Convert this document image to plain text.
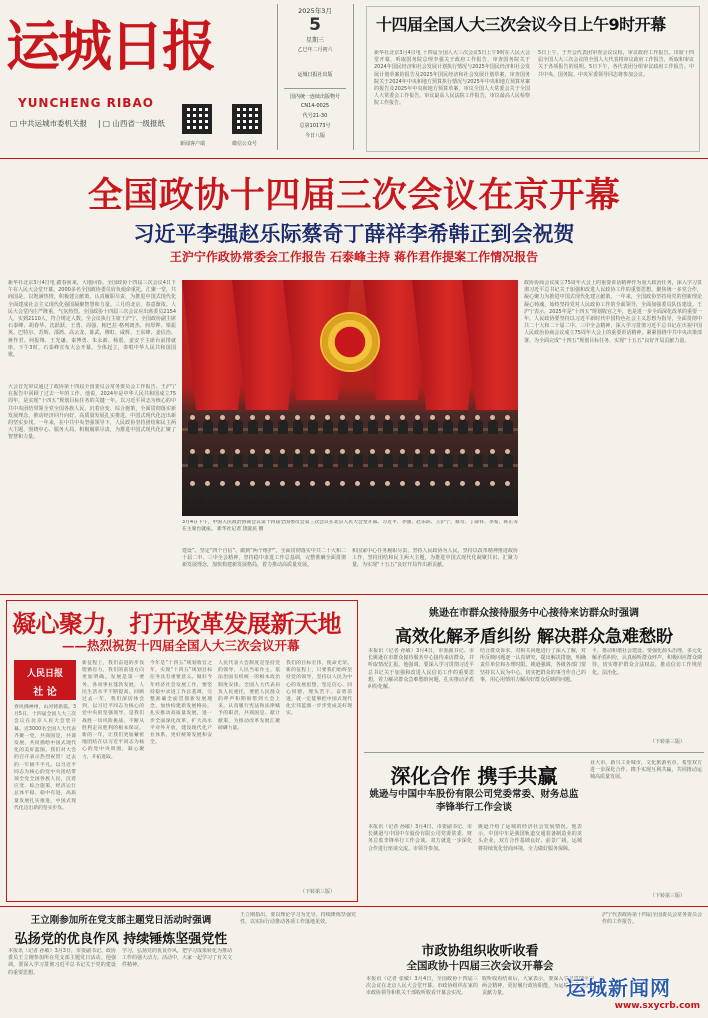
运城日报
YUNCHENG RIBAO
□ 中共运城市委机关报 | □ 山西省一级报纸
新闻客户端	微信公众号
2025年3月
5
星期三
乙巳年二月初六
运城日报社出版
国内统一连续出版物号
CN14-0025
代号21-30
总第10173号
今日八版
十四届全国人大三次会议今日上午9时开幕
新华社北京3月4日电 十四届全国人大三次会议5日上午9时在人民大会堂开幕，听取国务院总理李强关于政府工作报告，审查国务院关于2024年国民经济和社会发展计划执行情况与2025年国民经济和社会发展计划草案的报告及2025年国民经济和社会发展计划草案，审查国务院关于2024年中央和地方预算执行情况与2025年中央和地方预算草案的报告及2025年中央和地方预算草案，审议全国人大常委会关于全国人大常委会工作报告，审议最高人民法院工作报告，审议最高人民检察院工作报告。
5日上午，于开会代表团审查会议议程，审议政府工作报告。出席十四届全国人大三次会议的全国人大代表将审议政府工作报告，听取和审议关于各项报告的说明。5日下午，各代表团分组审议政府工作报告。中共中央、国务院、中央军委领导同志将参加会议。
全国政协十四届三次会议在京开幕
习近平李强赵乐际蔡奇丁薛祥李希韩正到会祝贺
王沪宁作政协常委会工作报告 石泰峰主持 蒋作君作提案工作情况报告
新华社北京3月4日电 踏春而来，大地回春。全国政协十四届三次会议4日下午在人民大会堂开幕。2000多名全国政协委员肩负使命重托，汇聚一堂，共商国是，以饱满热情，积极建言献策，认真履职尽责，为推进中国式现代化全面建成社会主义现代化强国凝聚智慧和力量。三月的北京，春意渐浓。人民大会堂内庄严隆重，气氛热烈。全国政协十四届三次会议应出席委员2154人，实到2110人，符合规定人数。全会议执行主席王沪宁、全国政协副主席石泰峰、胡春华、沈跃跃、王勇、周强、帕巴拉·格列朗杰、何厚铧、梁振英、巴特尔、苏辉、邵鸿、高云龙、陈武、穆虹、咸辉、王东峰、姜信治、蒋作君、何报翔、王光谦、秦博勇、朱永新、杨震、姜安于主席台前排就座。下午3时，石泰峰宣布大会开幕。全体起立，奏唱中华人民共和国国歌。
大会首先审议通过了政协第十四届全国委员会常务委员会工作报告。王沪宁在报告中回顾了过去一年的工作。他说，2024年是中华人民共和国成立75周年，是实现“十四五”规划目标任务的关键一年。以习近平同志为核心的中共中央团结带领全党全国各族人民，沉着应变、综合施策，全面贯彻落实新发展理念，推动经济回升向好，高质量发展扎实推进，中国式现代化迈出新的坚实步伐。一年来，在中共中央坚强领导下，人民政协坚持团结和民主两大主题，围绕中心、服务大局，积极履职尽责，为推进中国式现代化汇聚了智慧和力量。
政协协商会议成立75周年大会上的重要讲话精神作为重大政治任务，深入学习贯彻习近平总书记关于加强和改进人民政协工作的重要思想，聚焦统一多党合作，凝心聚力为推进中国式现代化建言献策。一年来，全国政协坚持用党的创新理论凝心铸魂，始终坚持党对人民政协工作的全面领导，全面加强委员队伍建设。王沪宁表示，2025年是“十四五”规划收官之年，也是进一步全面深化改革的重要一年。人民政协要坚持以习近平新时代中国特色社会主义思想为指导，全面贯彻中共二十大和二十届二中、三中全会精神，深入学习贯彻习近平总书记在庆祝中国人民政治协商会议成立75周年大会上的重要讲话精神，紧紧围绕中共中央决策部署，为全面完成“十四五”规划目标任务、实现“十五五”良好开局贡献力量。
3月4日下午，中国人民政治协商会议第十四届全国委员会第三次会议在北京人民大会堂开幕。习近平、李强、赵乐际、王沪宁、蔡奇、丁薛祥、李希、韩正等在主席台就座。 新华社记者 饶爱民 摄
建设”、坚定“四个自信”、做到“两个维护”，全面贯彻落实中共二十大和二十届二中、三中全会精神，坚持稳中求进工作总基调，完整准确全面贯彻新发展理念，加快构建新发展格局，着力推动高质量发展。
和国家中心任务履职尽责，坚持人民政协为人民，坚持以改革精神推进政协工作，坚持团结和民主两大主题，为推进中国式现代化凝聚共识、汇聚力量，为实现“十五五”良好开局作出新贡献。
凝心聚力，打开改革发展新天地
——热烈祝贺十四届全国人大三次会议开幕
人民日报
社 论
春风拂神州，山河铸新篇。3月5日，十四届全国人大三次会议在北京人民大会堂开幕。近3000名全国人大代表齐聚一堂，共商国是，共谋发展，共同描绘中国式现代化的美好蓝图。我们对大会的召开表示热烈祝贺！过去的一年极不平凡。以习近平同志为核心的党中央团结带领全党全国各族人民，沉着应变、综合施策，经济运行总体平稳、稳中有进，高质量发展扎实推进，中国式现代化迈出新的坚实步伐。
新征程上，我们奋进的步伐铿锵有力，我们的前进方向更加明确。发展是第一要务，各项事业蓬勃发展，人民生活水平不断提高。回顾过去一年，我们深切体会到，以习近平同志为核心的党中央的坚强领导，是我们战胜一切风险挑战、不断从胜利走向胜利的根本保证。新的一年，让我们更加紧密地团结在以习近平同志为核心的党中央周围，凝心聚力，开拓进取。
今年是“十四五”规划收官之年，实现“十四五”规划目标任务具有重要意义。做好今年经济社会发展工作，要坚持稳中求进工作总基调，完整准确全面贯彻新发展理念，加快构建新发展格局，扎实推动高质量发展，进一步全面深化改革，扩大高水平对外开放，建设现代化产业体系，更好统筹发展和安全。
人民代表大会制度是坚持党的领导、人民当家作主、依法治国有机统一的根本政治制度安排。全国人大代表肩负人民重托，要把人民群众的呼声和期盼带到大会上来，认真履行宪法和法律赋予的职责，共商国是、献计献策，为推动改革发展汇聚磅礴力量。
我们的目标宏伟，使命光荣。新的征程上，只要我们始终坚持党的领导，坚持以人民为中心的发展思想，坚定信心、同心同德，埋头苦干、奋勇前进，就一定能够把中国式现代化宏伟蓝图一步步变成美好现实。
（下转第三版）
姚逊在市群众接待服务中心接待来访群众时强调
高效化解矛盾纠纷 解决群众急难愁盼
本报讯（记者 孙敏）3月4日，市委副书记、市长姚逊在市群众接待服务中心接待来访群众，并听取情况汇报。他强调，要深入学习贯彻习近平总书记关于加强和改进人民信访工作的重要思想，着力解决群众急难愁盼问题，扎实推动矛盾纠纷化解。
结合群众诉求，对相关问题进行了深入了解，对所反映问题逐一认真研究，提出解决措施，明确责任单位和办理时限。姚逊强调，各级各部门要坚持以人民为中心，切实把群众的事当作自己的事，用心用情用力解决好群众反映的问题。
平，推动和谐社会建设。要强化源头治理，多元化解矛盾纠纷，认真倾听群众呼声，积极回应群众期待，切实维护群众合法权益，推动信访工作规范化、法治化。
（下转第三版）
深化合作 携手共赢
姚逊与中国中车股份有限公司党委常委、财务总监李锋举行工作会谈
本报讯（记者 孙敏）3月4日，市委副书记、市长姚逊与中国中车股份有限公司党委常委、财务总监李锋举行工作会谈。双方就进一步深化合作进行座谈交流。市领导参加。
姚逊介绍了运城的经济社会发展情况。他表示，中国中车是我国轨道交通装备制造业的龙头企业，双方合作基础良好、前景广阔。运城将持续优化营商环境，全力做好服务保障。
业大市，新兴工业城市，文化旅游名市。希望双方进一步深化合作，携手实现互利共赢，共同推动运城高质量发展。
（下转第三版）
王立刚参加所在党支部主题党日活动时强调
弘扬党的优良作风 持续锤炼坚强党性
本报讯（记者 孙敏）3月3日，市委副书记、政协委员王立刚参加所在党支部主题党日活动。他强调，要深入学习贯彻习近平总书记关于党的建设的重要思想。
学习，弘扬党的优良作风，把学习成果转化为推动工作的强大动力。活动中，大家一起学习了有关文件精神。
王立刚指出，要以理论学习为先导，持续锤炼坚强党性，以实际行动推动各项工作落地见效。
市政协组织收听收看
全国政协十四届三次会议开幕会
本报讯（记者 张敏）3月4日，全国政协十四届三次会议在北京人民大会堂开幕。市政协组织在家的市政协领导和机关干部收听收看开幕会实况。
收听收看结束后，大家表示，要深入学习贯彻全国两会精神，更好履行政协职能，为运城高质量发展贡献力量。
沪宁代表政协第十四届全国委员会常务委员会作的工作报告。
运城新闻网
www.sxycrb.com
